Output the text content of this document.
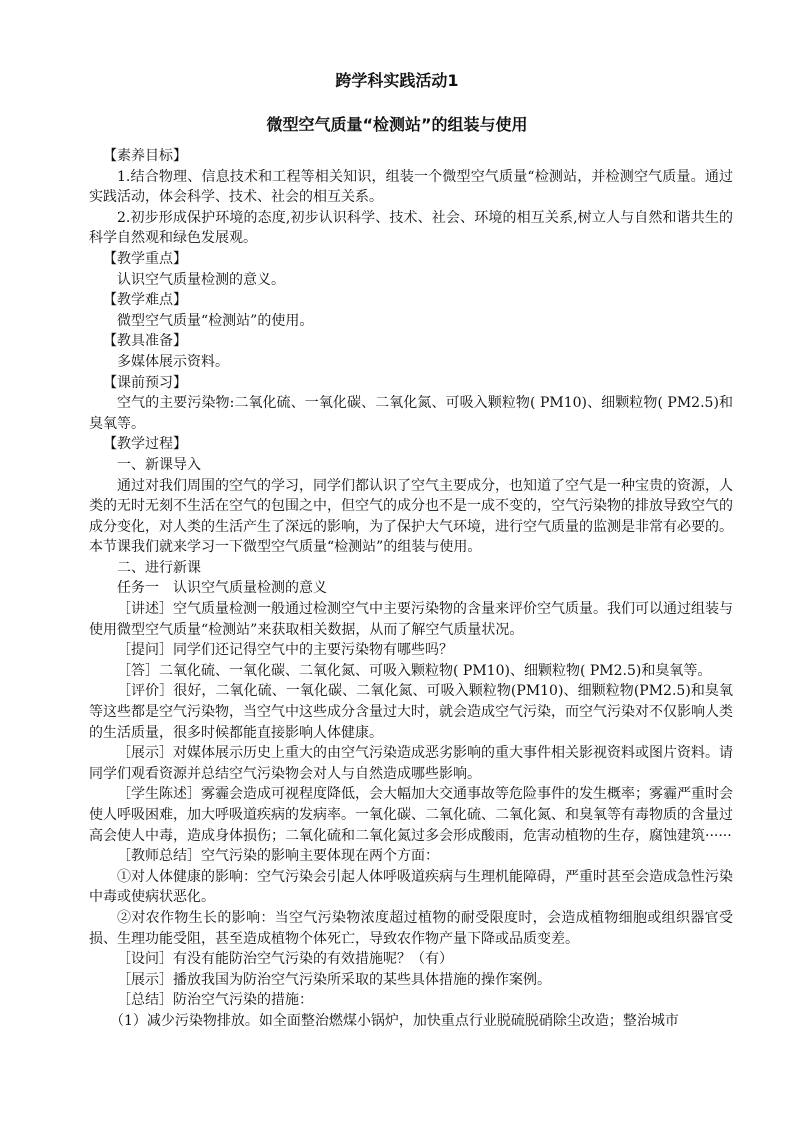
跨学科实践活动1
微型空气质量“检测站”的组装与使用

【素养目标】

1.结合物理、信息技术和工程等相关知识，组装一个微型空气质量“检测站，并检测空气质量。通过实践活动，体会科学、技术、社会的相互关系。

2.初步形成保护环境的态度,初步认识科学、技术、社会、环境的相互关系,树立人与自然和谐共生的科学自然观和绿色发展观。

【教学重点】

认识空气质量检测的意义。

【教学难点】

微型空气质量“检测站”的使用。

【教具准备】

多媒体展示资料。

【课前预习】

空气的主要污染物:二氧化硫、一氧化碳、二氧化氮、可吸入颗粒物( PM10)、细颗粒物( PM2.5)和臭氧等。

【教学过程】

一、新课导入

通过对我们周围的空气的学习，同学们都认识了空气主要成分，也知道了空气是一种宝贵的资源，人类的无时无刻不生活在空气的包围之中，但空气的成分也不是一成不变的，空气污染物的排放导致空气的成分变化，对人类的生活产生了深远的影响，为了保护大气环境，进行空气质量的监测是非常有必要的。本节课我们就来学习一下微型空气质量“检测站”的组装与使用。

二、进行新课

任务一　认识空气质量检测的意义

［讲述］空气质量检测一般通过检测空气中主要污染物的含量来评价空气质量。我们可以通过组装与使用微型空气质量“检测站”来获取相关数据，从而了解空气质量状况。

［提问］同学们还记得空气中的主要污染物有哪些吗？

［答］二氧化硫、一氧化碳、二氧化氮、可吸入颗粒物( PM10)、细颗粒物( PM2.5)和臭氧等。

［评价］很好，二氧化硫、一氧化碳、二氧化氮、可吸入颗粒物(PM10)、细颗粒物(PM2.5)和臭氧等这些都是空气污染物，当空气中这些成分含量过大时，就会造成空气污染，而空气污染对不仅影响人类的生活质量，很多时候都能直接影响人体健康。

［展示］对媒体展示历史上重大的由空气污染造成恶劣影响的重大事件相关影视资料或图片资料。请同学们观看资源并总结空气污染物会对人与自然造成哪些影响。

［学生陈述］雾霾会造成可视程度降低，会大幅加大交通事故等危险事件的发生概率；雾霾严重时会使人呼吸困难，加大呼吸道疾病的发病率。一氧化碳、二氧化硫、二氧化氮、和臭氧等有毒物质的含量过高会使人中毒，造成身体损伤；二氧化硫和二氧化氮过多会形成酸雨，危害动植物的生存，腐蚀建筑······

［教师总结］空气污染的影响主要体现在两个方面：

①对人体健康的影响：空气污染会引起人体呼吸道疾病与生理机能障碍，严重时甚至会造成急性污染中毒或使病状恶化。

②对农作物生长的影响：当空气污染物浓度超过植物的耐受限度时，会造成植物细胞或组织器官受损、生理功能受阻，甚至造成植物个体死亡，导致农作物产量下降或品质变差。

［设问］有没有能防治空气污染的有效措施呢？（有）

［展示］播放我国为防治空气污染所采取的某些具体措施的操作案例。

［总结］防治空气污染的措施：

（1）减少污染物排放。如全面整治燃煤小锅炉，加快重点行业脱硫脱硝除尘改造；整治城市
